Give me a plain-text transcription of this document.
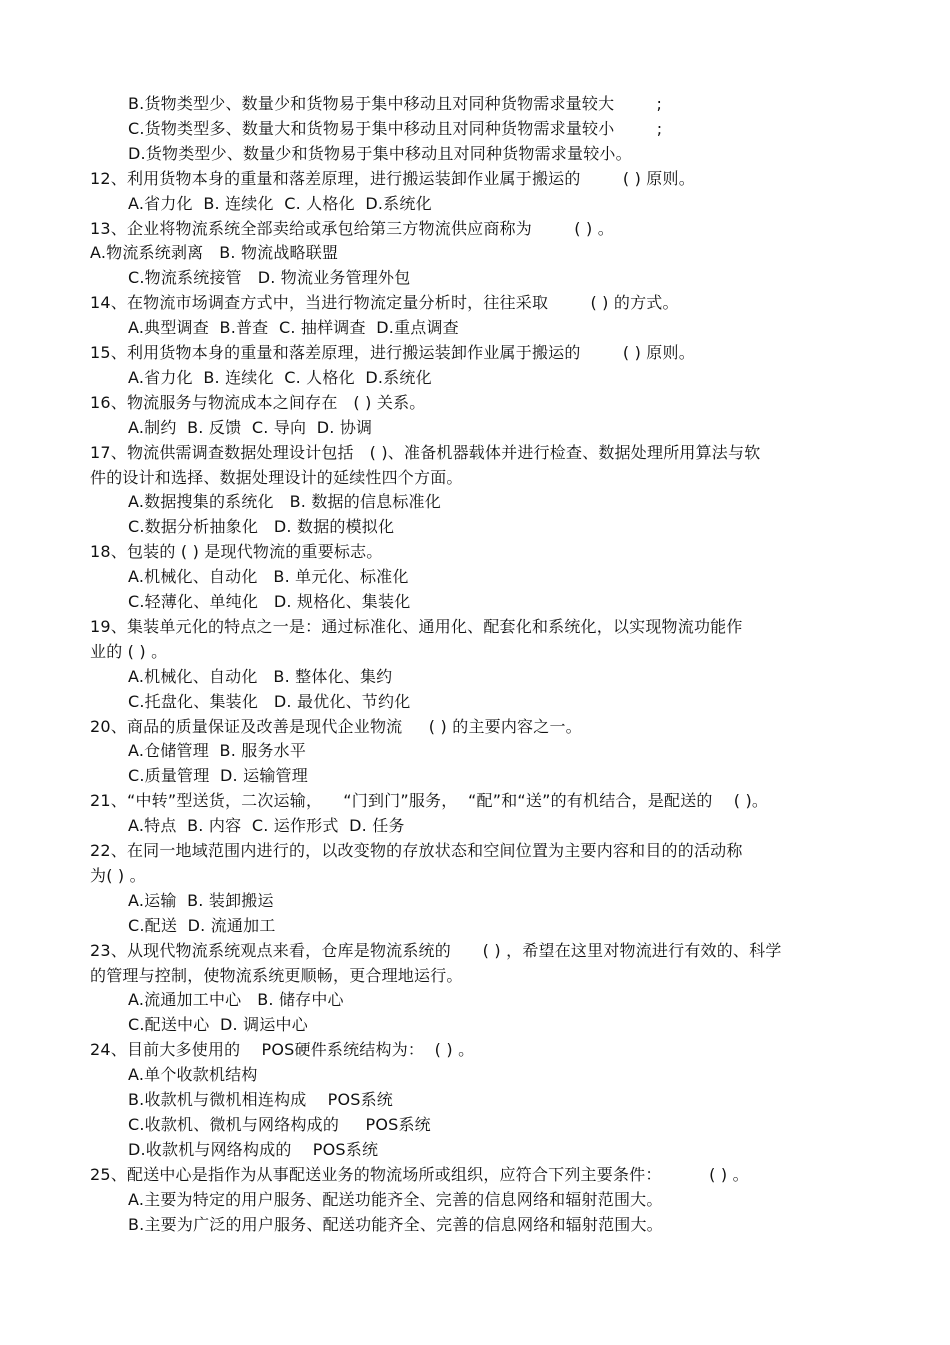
B.货物类型少、数量少和货物易于集中移动且对同种货物需求量较大        ;
C.货物类型多、数量大和货物易于集中移动且对同种货物需求量较小        ;
D.货物类型少、数量少和货物易于集中移动且对同种货物需求量较小。
12、利用货物本身的重量和落差原理，进行搬运装卸作业属于搬运的        ( ) 原则。
A.省力化  B. 连续化  C. 人格化  D.系统化
13、企业将物流系统全部卖给或承包给第三方物流供应商称为        ( ) 。
A.物流系统剥离   B. 物流战略联盟
C.物流系统接管   D. 物流业务管理外包
14、在物流市场调查方式中，当进行物流定量分析时，往往采取        ( ) 的方式。
A.典型调查  B.普查  C. 抽样调查  D.重点调查
15、利用货物本身的重量和落差原理，进行搬运装卸作业属于搬运的        ( ) 原则。
A.省力化  B. 连续化  C. 人格化  D.系统化
16、物流服务与物流成本之间存在   ( ) 关系。
A.制约  B. 反馈  C. 导向  D. 协调
17、物流供需调查数据处理设计包括   ( )、准备机器载体并进行检查、数据处理所用算法与软
件的设计和选择、数据处理设计的延续性四个方面。
A.数据搜集的系统化   B. 数据的信息标准化
C.数据分析抽象化   D. 数据的模拟化
18、包装的 ( ) 是现代物流的重要标志。
A.机械化、自动化   B. 单元化、标准化
C.轻薄化、单纯化   D. 规格化、集装化
19、集装单元化的特点之一是：通过标准化、通用化、配套化和系统化，以实现物流功能作
业的 ( ) 。
A.机械化、自动化   B. 整体化、集约
C.托盘化、集装化   D. 最优化、节约化
20、商品的质量保证及改善是现代企业物流     ( ) 的主要内容之一。
A.仓储管理  B. 服务水平
C.质量管理  D. 运输管理
21、“中转”型送货，二次运输，    “门到门”服务，  “配”和“送”的有机结合，是配送的    ( )。
A.特点  B. 内容  C. 运作形式  D. 任务
22、在同一地域范围内进行的，以改变物的存放状态和空间位置为主要内容和目的的活动称
为( ) 。
A.运输  B. 装卸搬运
C.配送  D. 流通加工
23、从现代物流系统观点来看，仓库是物流系统的      ( ) ，希望在这里对物流进行有效的、科学
的管理与控制，使物流系统更顺畅，更合理地运行。
A.流通加工中心   B. 储存中心
C.配送中心  D. 调运中心
24、目前大多使用的    POS硬件系统结构为：  ( ) 。
A.单个收款机结构
B.收款机与微机相连构成    POS系统
C.收款机、微机与网络构成的     POS系统
D.收款机与网络构成的    POS系统
25、配送中心是指作为从事配送业务的物流场所或组织，应符合下列主要条件：         ( ) 。
A.主要为特定的用户服务、配送功能齐全、完善的信息网络和辐射范围大。
B.主要为广泛的用户服务、配送功能齐全、完善的信息网络和辐射范围大。
